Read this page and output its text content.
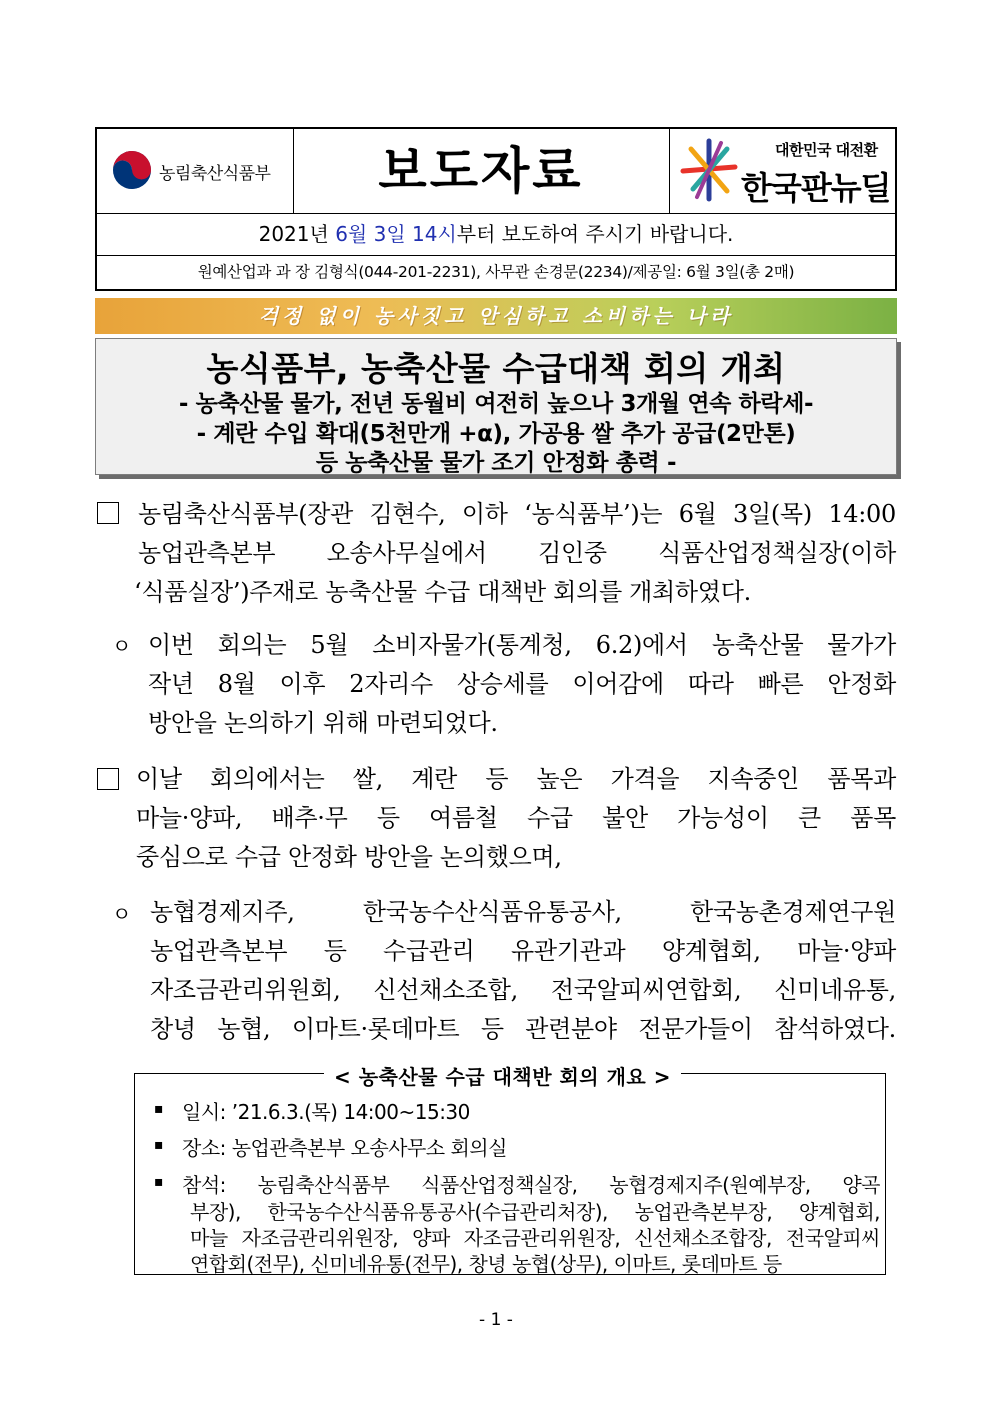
농림축산식품부	보도자료	대한민국 대전환
한국판뉴딜
2021년 6월 3일 14시부터 보도하여 주시기 바랍니다.
원예산업과 과 장 김형식(044-201-2231), 사무관 손경문(2234)/제공일: 6월 3일(총 2매)
걱정 없이 농사짓고 안심하고 소비하는 나라
농식품부, 농축산물 수급대책 회의 개최
- 농축산물 물가, 전년 동월비 여전히 높으나 3개월 연속 하락세-
- 계란 수입 확대(5천만개 +α), 가공용 쌀 추가 공급(2만톤)
등 농축산물 물가 조기 안정화 총력 -
농림축산식품부(장관 김현수, 이하 ‘농식품부’)는 6월 3일(목) 14:00
농업관측본부 오송사무실에서 김인중 식품산업정책실장(이하
‘식품실장’)주재로 농축산물 수급 대책반 회의를 개최하였다.
ㅇ 이번 회의는 5월 소비자물가(통계청, 6.2)에서 농축산물 물가가
작년 8월 이후 2자리수 상승세를 이어감에 따라 빠른 안정화
방안을 논의하기 위해 마련되었다.
이날 회의에서는 쌀, 계란 등 높은 가격을 지속중인 품목과
마늘·양파, 배추·무 등 여름철 수급 불안 가능성이 큰 품목
중심으로 수급 안정화 방안을 논의했으며,
ㅇ 농협경제지주, 한국농수산식품유통공사, 한국농촌경제연구원
농업관측본부 등 수급관리 유관기관과 양계협회, 마늘·양파
자조금관리위원회, 신선채소조합, 전국알피씨연합회, 신미네유통,
창녕 농협, 이마트·롯데마트 등 관련분야 전문가들이 참석하였다.
< 농축산물 수급 대책반 회의 개요 >
▪ 일시: ’21.6.3.(목) 14:00~15:30
▪ 장소: 농업관측본부 오송사무소 회의실
▪ 참석: 농림축산식품부 식품산업정책실장, 농협경제지주(원예부장, 양곡
부장), 한국농수산식품유통공사(수급관리처장), 농업관측본부장, 양계협회,
마늘 자조금관리위원장, 양파 자조금관리위원장, 신선채소조합장, 전국알피씨
연합회(전무), 신미네유통(전무), 창녕 농협(상무), 이마트, 롯데마트 등
- 1 -
